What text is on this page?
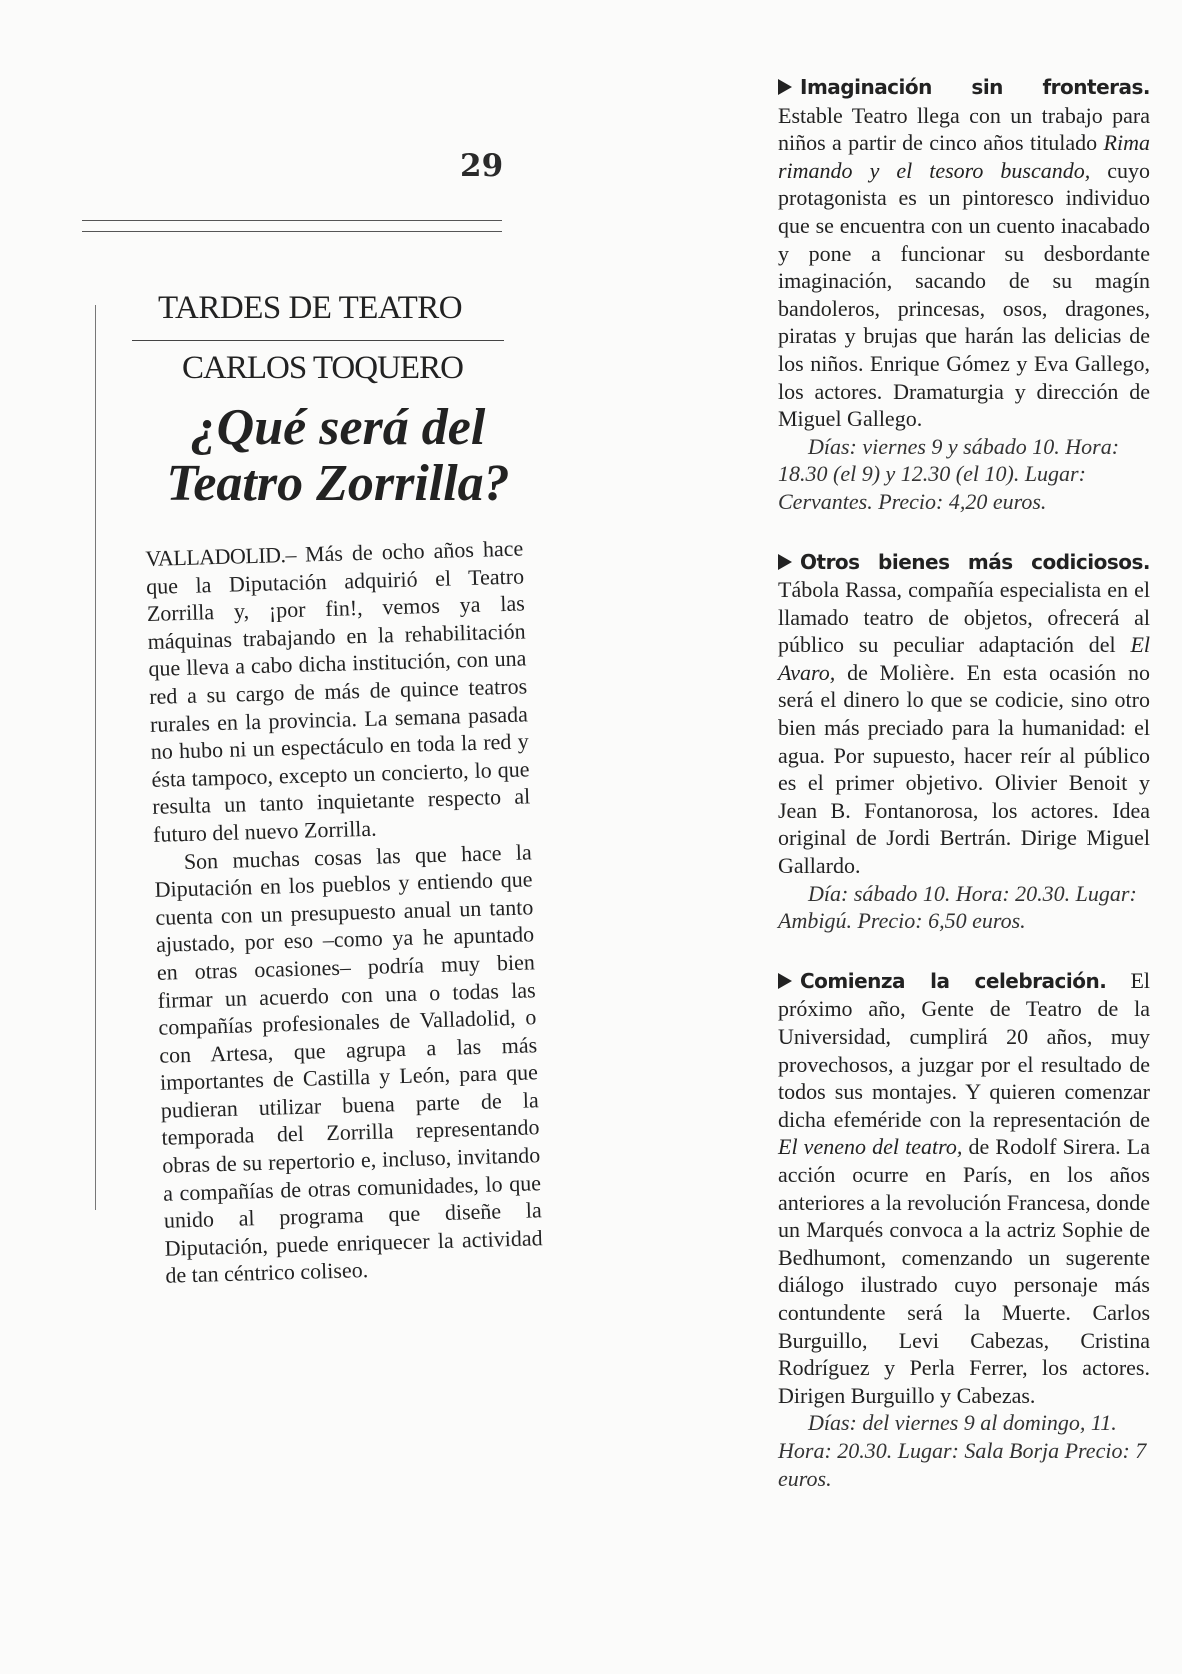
29
TARDES DE TEATRO
CARLOS TOQUERO
¿Qué será del
Teatro Zorrilla?

VALLADOLID.– Más de ocho años hace que la Diputación adquirió el Teatro Zorrilla y, ¡por fin!, vemos ya las máquinas trabajando en la rehabilitación que lleva a cabo dicha institución, con una red a su cargo de más de quince teatros rurales en la provincia. La semana pasada no hubo ni un espectáculo en toda la red y ésta tampoco, excepto un concierto, lo que resulta un tanto inquietante respecto al futuro del nuevo Zorrilla.

Son muchas cosas las que hace la Diputación en los pueblos y entiendo que cuenta con un presupuesto anual un tanto ajustado, por eso –como ya he apuntado en otras ocasiones– podría muy bien firmar un acuerdo con una o todas las compañías profesionales de Valladolid, o con Artesa, que agrupa a las más importantes de Castilla y León, para que pudieran utilizar buena parte de la temporada del Zorrilla representando obras de su repertorio e, incluso, invitando a compañías de otras comunidades, lo que unido al programa que diseñe la Diputación, puede enriquecer la actividad de tan céntrico coliseo.

Imaginación sin fronteras. Estable Teatro llega con un trabajo para niños a partir de cinco años titulado Rima rimando y el tesoro buscando, cuyo protagonista es un pintoresco individuo que se encuentra con un cuento inacabado y pone a funcionar su desbordante imaginación, sacando de su magín bandoleros, princesas, osos, dragones, piratas y brujas que harán las delicias de los niños. Enrique Gómez y Eva Gallego, los actores. Dramaturgia y dirección de Miguel Gallego.

Días: viernes 9 y sábado 10. Hora: 18.30 (el 9) y 12.30 (el 10). Lugar: Cervantes. Precio: 4,20 euros.

Otros bienes más codiciosos. Tábola Rassa, compañía especialista en el llamado teatro de objetos, ofrecerá al público su peculiar adaptación del El Avaro, de Molière. En esta ocasión no será el dinero lo que se codicie, sino otro bien más preciado para la humanidad: el agua. Por supuesto, hacer reír al público es el primer objetivo. Olivier Benoit y Jean B. Fontanorosa, los actores. Idea original de Jordi Bertrán. Dirige Miguel Gallardo.

Día: sábado 10. Hora: 20.30. Lugar: Ambigú. Precio: 6,50 euros.

Comienza la celebración. El próximo año, Gente de Teatro de la Universidad, cumplirá 20 años, muy provechosos, a juzgar por el resultado de todos sus montajes. Y quieren comenzar dicha efeméride con la representación de El veneno del teatro, de Rodolf Sirera. La acción ocurre en París, en los años anteriores a la revolución Francesa, donde un Marqués convoca a la actriz Sophie de Bedhumont, comenzando un sugerente diálogo ilustrado cuyo personaje más contundente será la Muerte. Carlos Burguillo, Levi Cabezas, Cristina Rodríguez y Perla Ferrer, los actores. Dirigen Burguillo y Cabezas.

Días: del viernes 9 al domingo, 11. Hora: 20.30. Lugar: Sala Borja Precio: 7 euros.
